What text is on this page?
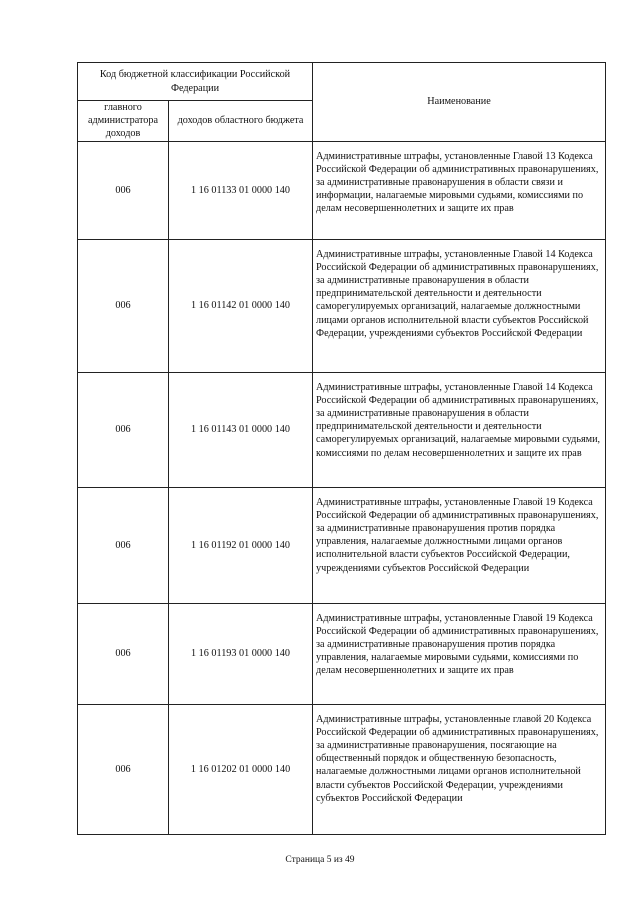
Код бюджетной классификации Российской Федерации		Наименование
главного администратора доходов	доходов областного бюджета	
006	1 16 01133 01 0000 140	Административные штрафы, установленные Главой 13 Кодекса Российской Федерации об административных правонарушениях, за административные правонарушения в области связи и информации, налагаемые мировыми судьями, комиссиями по делам несовершеннолетних и защите их прав
006	1 16 01142 01 0000 140	Административные штрафы, установленные Главой 14 Кодекса Российской Федерации об административных правонарушениях, за административные правонарушения в области предпринимательской деятельности и деятельности саморегулируемых организаций, налагаемые должностными лицами органов исполнительной власти субъектов Российской Федерации, учреждениями субъектов Российской Федерации
006	1 16 01143 01 0000 140	Административные штрафы, установленные Главой 14 Кодекса Российской Федерации об административных правонарушениях, за административные правонарушения в области предпринимательской деятельности и деятельности саморегулируемых организаций, налагаемые мировыми судьями, комиссиями по делам несовершеннолетних и защите их прав
006	1 16 01192 01 0000 140	Административные штрафы, установленные Главой 19 Кодекса Российской Федерации об административных правонарушениях, за административные правонарушения против порядка управления, налагаемые должностными лицами органов исполнительной власти субъектов Российской Федерации, учреждениями субъектов Российской Федерации
006	1 16 01193 01 0000 140	Административные штрафы, установленные Главой 19 Кодекса Российской Федерации об административных правонарушениях, за административные правонарушения против порядка управления, налагаемые мировыми судьями, комиссиями по делам несовершеннолетних и защите их прав
006	1 16 01202 01 0000 140	Административные штрафы, установленные главой 20 Кодекса Российской Федерации об административных правонарушениях, за административные правонарушения, посягающие на общественный порядок и общественную безопасность, налагаемые должностными лицами органов исполнительной власти субъектов Российской Федерации, учреждениями субъектов Российской Федерации
Страница 5 из 49
